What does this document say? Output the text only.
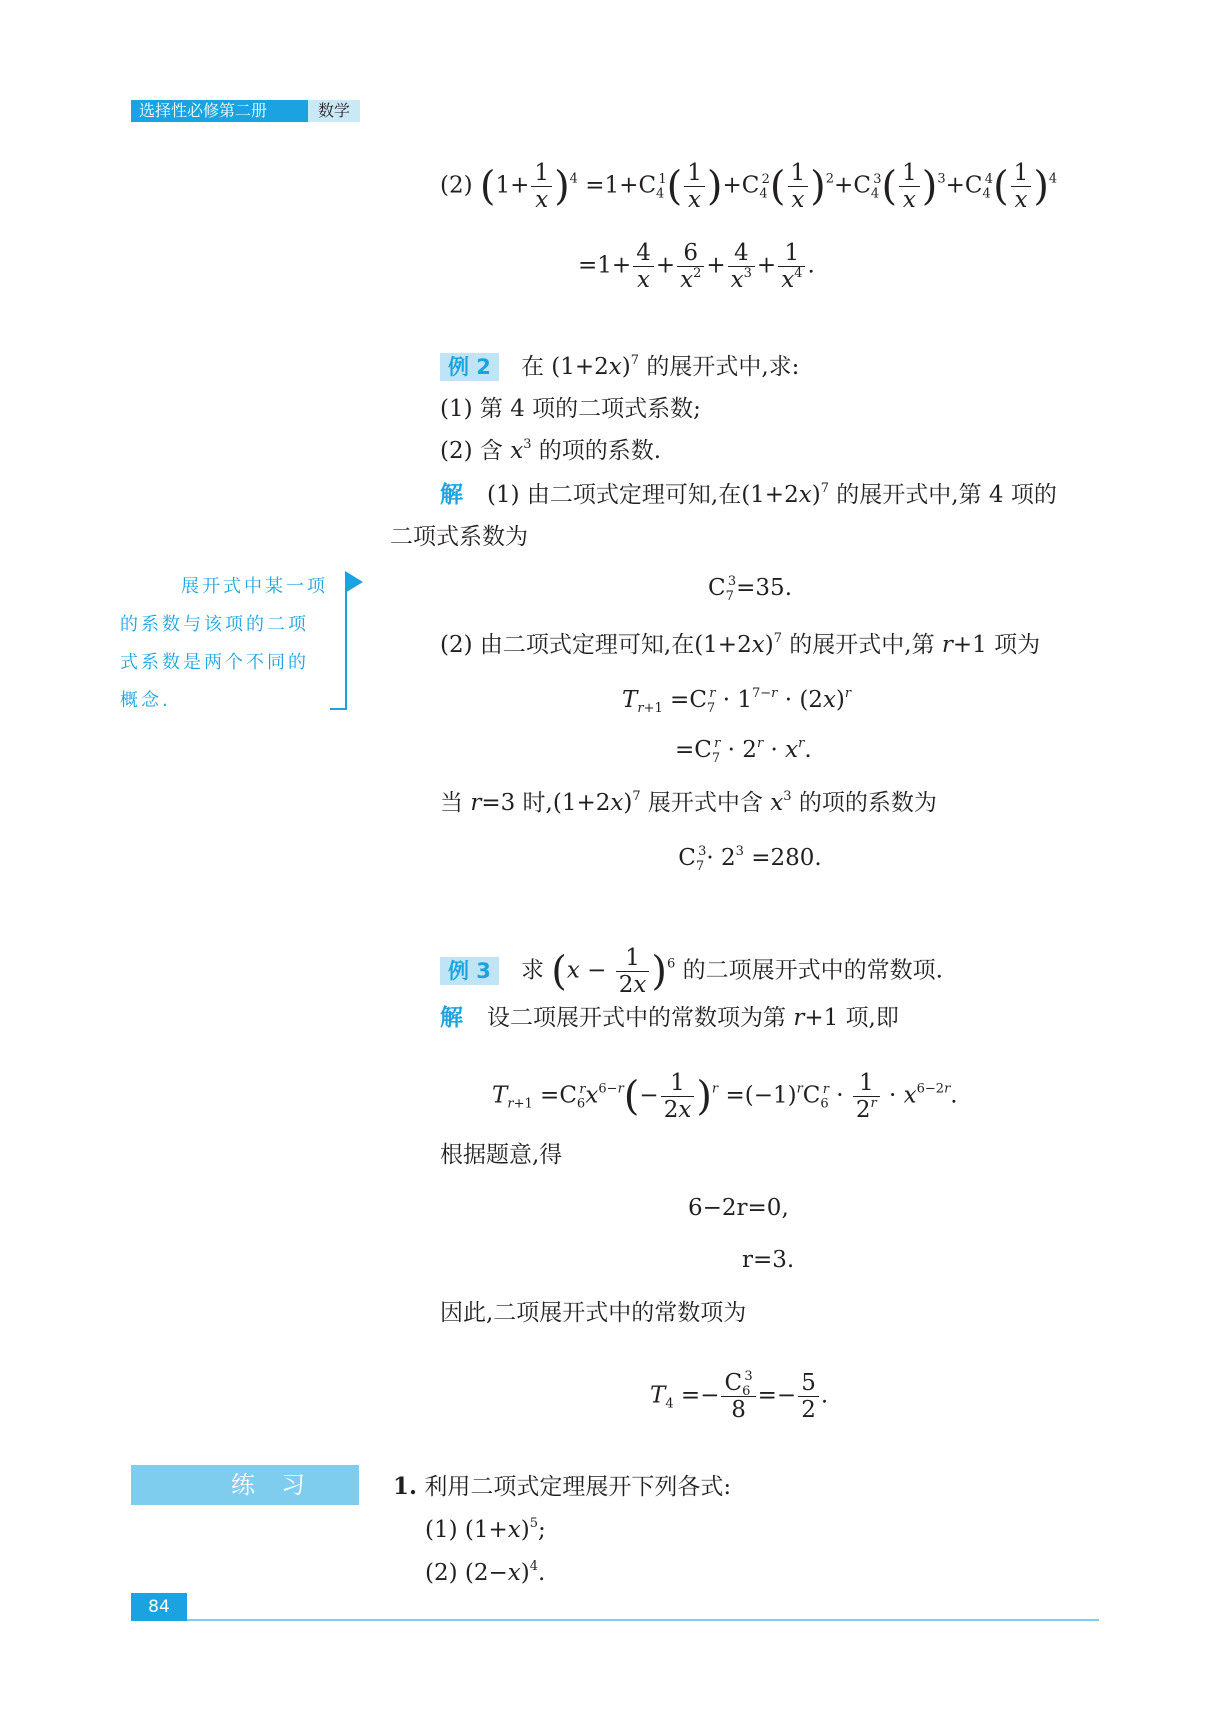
选择性必修第二册	数学
(2) $(1+ \frac{1}{x} )^4 =1+C_4^1( \frac{1}{x} )+C_4^2( \frac{1}{x} )^2+C_4^3( \frac{1}{x} )^3+C_4^4( \frac{1}{x} )^4$
$=1+ \frac{4}{x} + \frac{6}{x^2} + \frac{4}{x^3} + \frac{1}{x^4}$ .
例 2 在 $(1+2x)^7$ 的展开式中,求:
(1) 第 4 项的二项式系数;
(2) 含 $x^3$ 的项的系数.
解 (1) 由二项式定理可知,在$(1+2x)^7$ 的展开式中,第 4 项的
二项式系数为
$C_7^3=35$.
(2) 由二项式定理可知,在$(1+2x)^7$ 的展开式中,第 r+1 项为
$T_{r+1} =C_7^r \cdot 1^{7-r} \cdot (2x)^r$
$=C_7^r \cdot 2^r \cdot x^r$.
当 r=3 时$,(1+2x)^7$ 展开式中含 $x^3$ 的项的系数为
$C_7^3\cdot 2^3 =280$.
展开式中某一项
的系数与该项的二项
式系数是两个不同的
概念.
例 3 求 $(x - \frac{1}{2x} )^6$ 的二项展开式中的常数项.
解 设二项展开式中的常数项为第 r+1 项,即
$T_{r+1} =C_6^rx^{6-r}(- \frac{1}{2x} )^r =(-1)^rC_6^r \cdot \frac{1}{2^r} \cdot x^{6-2r}$.
根据题意,得
6−2r=0,
r=3.
因此,二项展开式中的常数项为
$T_4 =- \frac{C_6^3}{8} =- \frac{5}{2}$ .
练习	1. 利用二项式定理展开下列各式:
(1) $(1+x)^5$;
(2) $(2-x)^4$.
84
